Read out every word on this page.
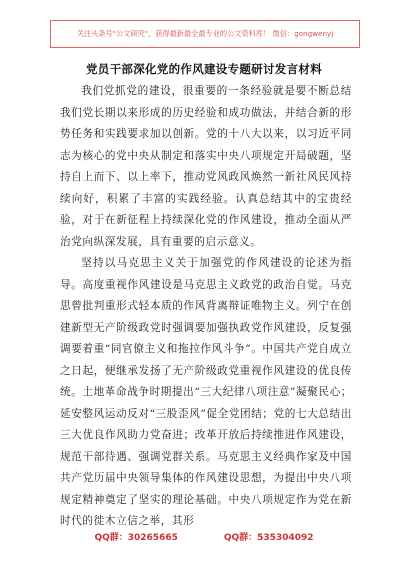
关注头条号"公文研究"，获得最新最全最专业的公文资料库！ 微信：gongwenyj
党员干部深化党的作风建设专题研讨发言材料

我们党抓党的建设，很重要的一条经验就是要不断总结我们党长期以来形成的历史经验和成功做法，并结合新的形势任务和实践要求加以创新。党的十八大以来，以习近平同志为核心的党中央从制定和落实中央八项规定开局破题，坚持自上而下、以上率下，推动党风政风焕然一新社风民风持续向好，积累了丰富的实践经验。认真总结其中的宝贵经验，对于在新征程上持续深化党的作风建设，推动全面从严治党向纵深发展，具有重要的启示意义。

坚持以马克思主义关于加强党的作风建设的论述为指导。高度重视作风建设是马克思主义政党的政治自觉。马克思曾批判重形式轻本质的作风背离辩证唯物主义。列宁在创建新型无产阶级政党时强调要加强执政党作风建设，反复强调要着重“同官僚主义和拖拉作风斗争”。中国共产党自成立之日起，便继承发扬了无产阶级政党重视作风建设的优良传统。土地革命战争时期提出“三大纪律八项注意”凝聚民心；延安整风运动反对“三股歪风”促全党团结；党的七大总结出三大优良作风助力党奋进；改革开放后持续推进作风建设，规范干部待遇、强调党群关系。马克思主义经典作家及中国共产党历届中央领导集体的作风建设思想，为提出中央八项规定精神奠定了坚实的理论基础。中央八项规定作为党在新时代的徙木立信之举，其形

QQ群：30265665	QQ群：535304092
